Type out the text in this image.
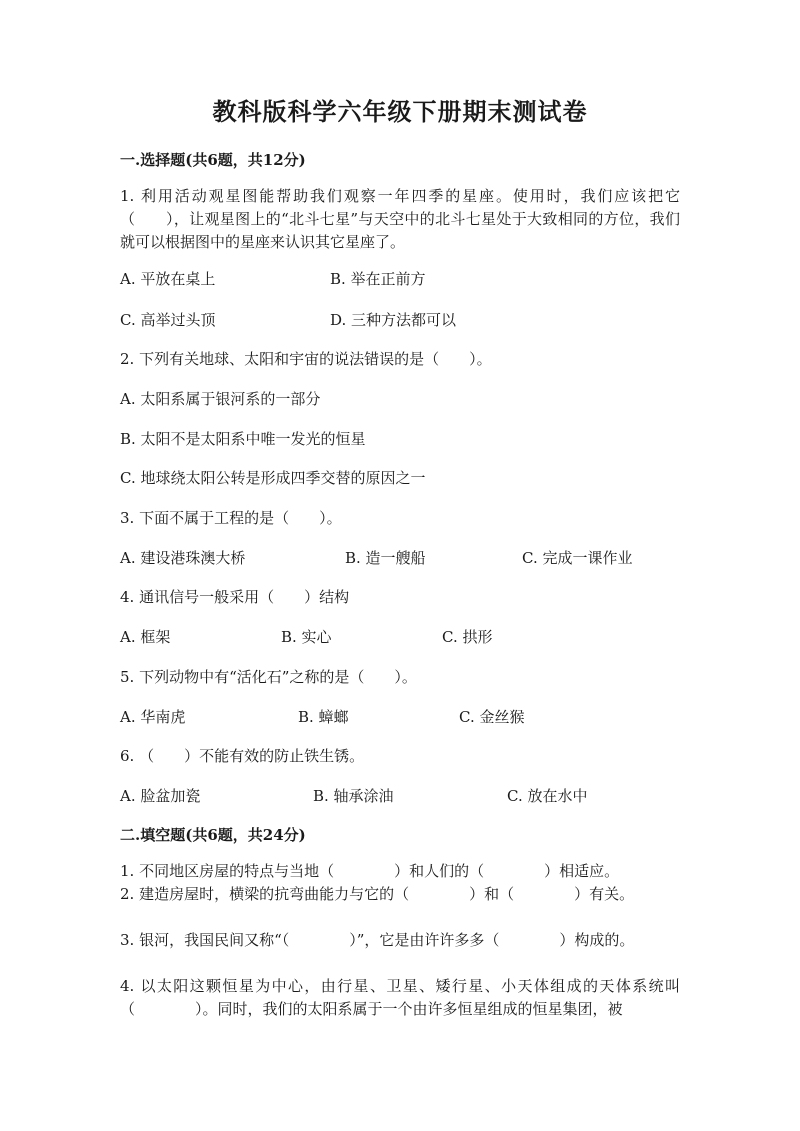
教科版科学六年级下册期末测试卷
一.选择题(共6题，共12分)
1. 利用活动观星图能帮助我们观察一年四季的星座。使用时，我们应该把它（　　），让观星图上的“北斗七星”与天空中的北斗七星处于大致相同的方位，我们就可以根据图中的星座来认识其它星座了。
A. 平放在桌上	B. 举在正前方
C. 高举过头顶	D. 三种方法都可以
2. 下列有关地球、太阳和宇宙的说法错误的是（　　）。
A. 太阳系属于银河系的一部分
B. 太阳不是太阳系中唯一发光的恒星
C. 地球绕太阳公转是形成四季交替的原因之一
3. 下面不属于工程的是（　　）。
A. 建设港珠澳大桥	B. 造一艘船	C. 完成一课作业
4. 通讯信号一般采用（　　）结构
A. 框架	B. 实心	C. 拱形
5. 下列动物中有“活化石”之称的是（　　）。
A. 华南虎	B. 蟑螂	C. 金丝猴
6. （　　）不能有效的防止铁生锈。
A. 脸盆加瓷	B. 轴承涂油	C. 放在水中
二.填空题(共6题，共24分)
1. 不同地区房屋的特点与当地（　　　　）和人们的（　　　　）相适应。
2. 建造房屋时，横梁的抗弯曲能力与它的（　　　　）和（　　　　）有关。
3. 银河，我国民间又称“（　　　　）”，它是由许许多多（　　　　）构成的。
4. 以太阳这颗恒星为中心，由行星、卫星、矮行星、小天体组成的天体系统叫（　　　　）。同时，我们的太阳系属于一个由许多恒星组成的恒星集团，被
